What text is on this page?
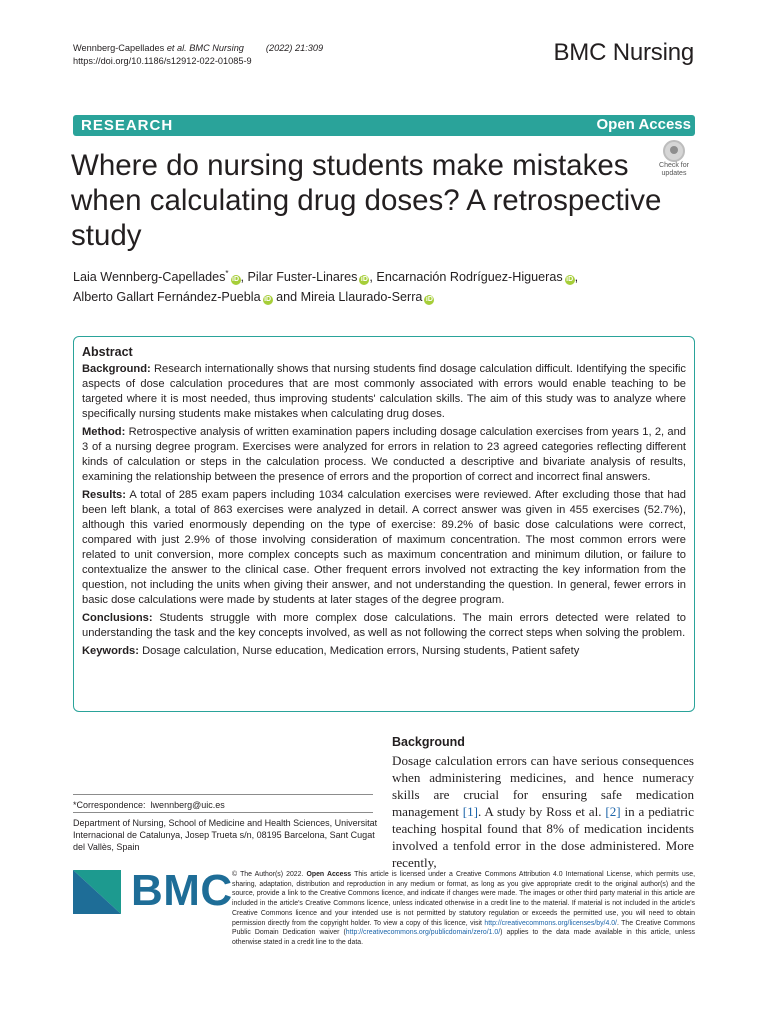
Wennberg-Capellades et al. BMC Nursing (2022) 21:309
https://doi.org/10.1186/s12912-022-01085-9	BMC Nursing
RESEARCH	Open Access
Where do nursing students make mistakes when calculating drug doses? A retrospective study
Check for updates
Laia Wennberg-Capellades*iD , Pilar Fuster-Linares iD , Encarnación Rodríguez-Higueras iD ,
Alberto Gallart Fernández-Puebla iD and Mireia Llaurado-Serra iD
Abstract

Background: Research internationally shows that nursing students find dosage calculation difficult. Identifying the specific aspects of dose calculation procedures that are most commonly associated with errors would enable teaching to be targeted where it is most needed, thus improving students' calculation skills. The aim of this study was to analyze where specifically nursing students make mistakes when calculating drug doses.

Method: Retrospective analysis of written examination papers including dosage calculation exercises from years 1, 2, and 3 of a nursing degree program. Exercises were analyzed for errors in relation to 23 agreed categories reflecting different kinds of calculation or steps in the calculation process. We conducted a descriptive and bivariate analysis of results, examining the relationship between the presence of errors and the proportion of correct and incorrect final answers.

Results: A total of 285 exam papers including 1034 calculation exercises were reviewed. After excluding those that had been left blank, a total of 863 exercises were analyzed in detail. A correct answer was given in 455 exercises (52.7%), although this varied enormously depending on the type of exercise: 89.2% of basic dose calculations were correct, compared with just 2.9% of those involving consideration of maximum concentration. The most common errors were related to unit conversion, more complex concepts such as maximum concentration and minimum dilution, or failure to contextualize the answer to the clinical case. Other frequent errors involved not extracting the key information from the question, not including the units when giving their answer, and not understanding the question. In general, fewer errors in basic dose calculations were made by students at later stages of the degree program.

Conclusions: Students struggle with more complex dose calculations. The main errors detected were related to understanding the task and the key concepts involved, as well as not following the correct steps when solving the problem.

Keywords: Dosage calculation, Nurse education, Medication errors, Nursing students, Patient safety

*Correspondence: lwennberg@uic.es
Department of Nursing, School of Medicine and Health Sciences, Universitat Internacional de Catalunya, Josep Trueta s/n, 08195 Barcelona, Sant Cugat del Vallès, Spain
Background
Dosage calculation errors can have serious consequences when administering medicines, and hence numeracy skills are crucial for ensuring safe medication management [1]. A study by Ross et al. [2] in a pediatric teaching hospital found that 8% of medication incidents involved a tenfold error in the dose administered. More recently,
BMC © The Author(s) 2022. Open Access This article is licensed under a Creative Commons Attribution 4.0 International License, which permits use, sharing, adaptation, distribution and reproduction in any medium or format, as long as you give appropriate credit to the original author(s) and the source, provide a link to the Creative Commons licence, and indicate if changes were made. The images or other third party material in this article are included in the article's Creative Commons licence, unless indicated otherwise in a credit line to the material. If material is not included in the article's Creative Commons licence and your intended use is not permitted by statutory regulation or exceeds the permitted use, you will need to obtain permission directly from the copyright holder. To view a copy of this licence, visit http://creativecommons.org/licenses/by/4.0/. The Creative Commons Public Domain Dedication waiver (http://creativecommons.org/publicdomain/zero/1.0/) applies to the data made available in this article, unless otherwise stated in a credit line to the data.
